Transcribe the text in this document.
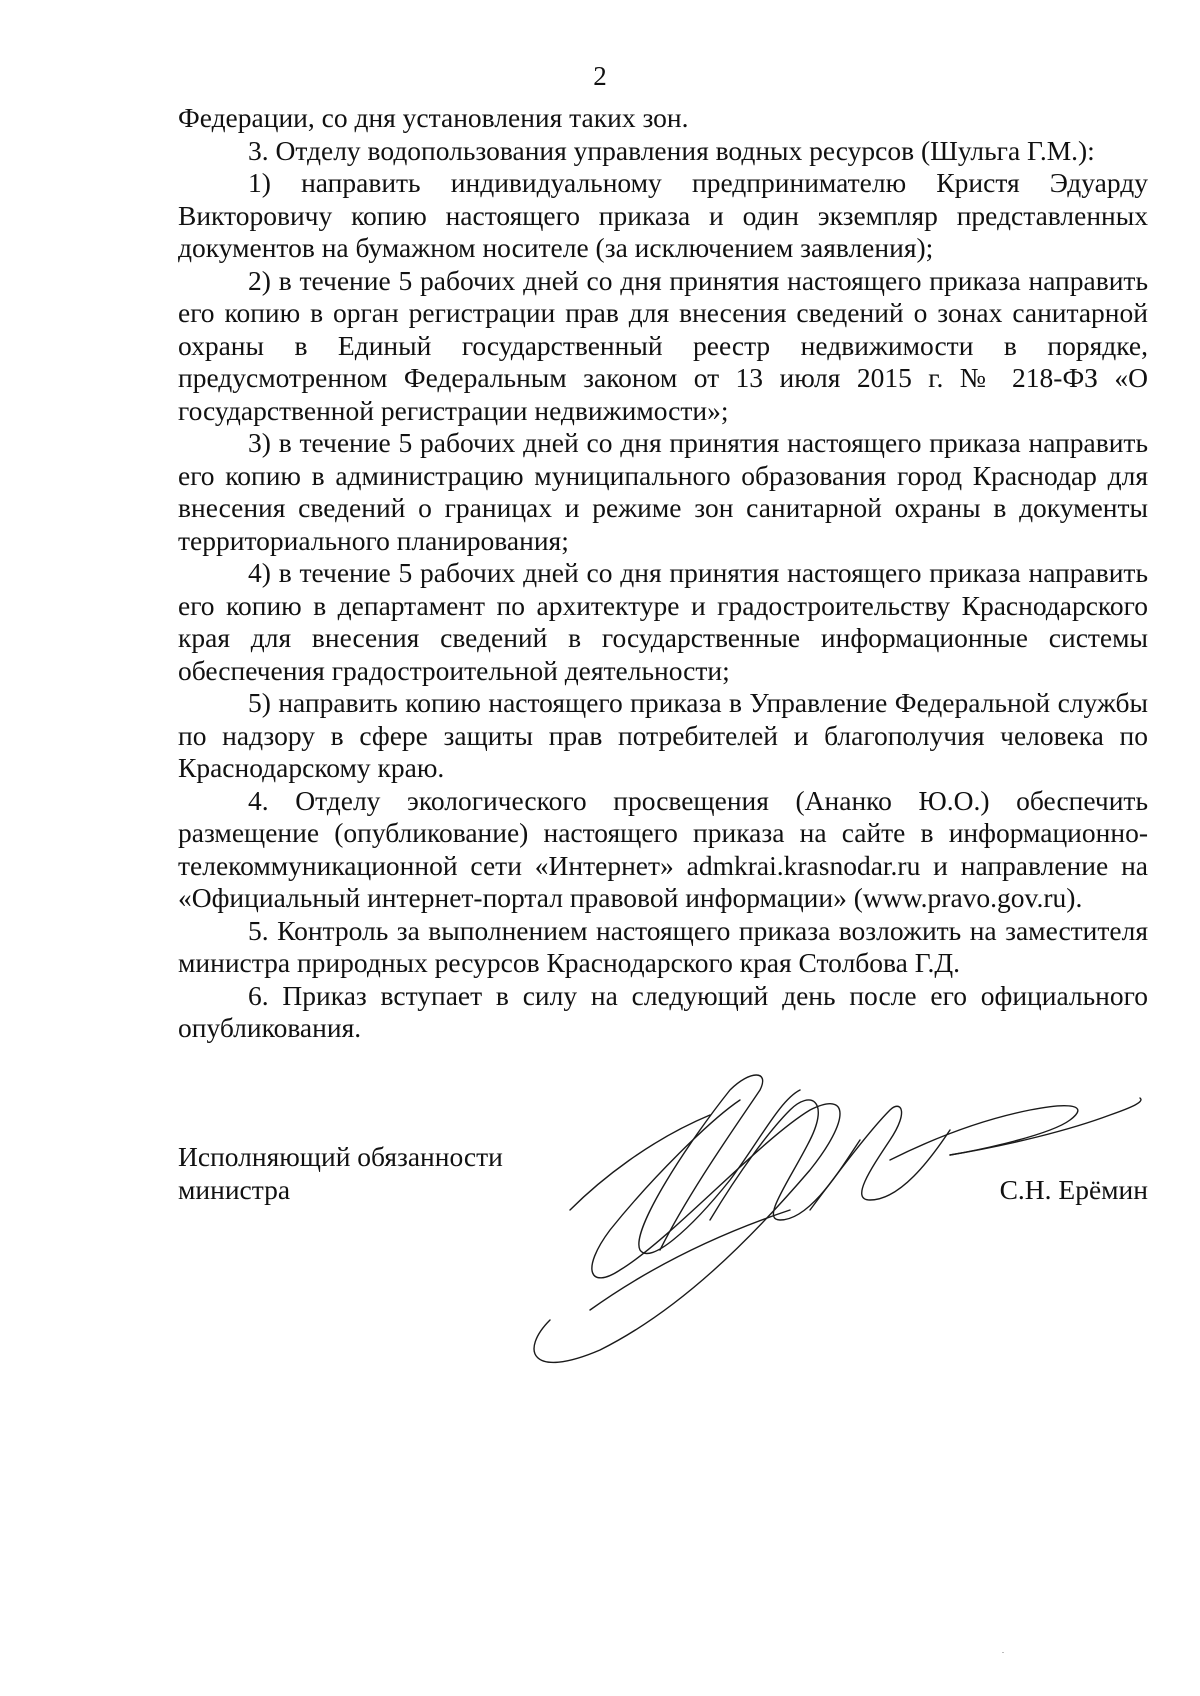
2

Федерации, со дня установления таких зон.

3. Отделу водопользования управления водных ресурсов (Шульга Г.М.):

1) направить индивидуальному предпринимателю Кристя Эдуарду Викторовичу копию настоящего приказа и один экземпляр представленных документов на бумажном носителе (за исключением заявления);

2) в течение 5 рабочих дней со дня принятия настоящего приказа направить его копию в орган регистрации прав для внесения сведений о зонах санитарной охраны в Единый государственный реестр недвижимости в порядке, предусмотренном Федеральным законом от 13 июля 2015 г. № 218-ФЗ «О государственной регистрации недвижимости»;

3) в течение 5 рабочих дней со дня принятия настоящего приказа направить его копию в администрацию муниципального образования город Краснодар для внесения сведений о границах и режиме зон санитарной охраны в документы территориального планирования;

4) в течение 5 рабочих дней со дня принятия настоящего приказа направить его копию в департамент по архитектуре и градостроительству Краснодарского края для внесения сведений в государственные информационные системы обеспечения градостроительной деятельности;

5) направить копию настоящего приказа в Управление Федеральной службы по надзору в сфере защиты прав потребителей и благополучия человека по Краснодарскому краю.

4. Отделу экологического просвещения (Ананко Ю.О.) обеспечить размещение (опубликование) настоящего приказа на сайте в информационно-телекоммуникационной сети «Интернет» admkrai.krasnodar.ru и направление на «Официальный интернет-портал правовой информации» (www.pravo.gov.ru).

5. Контроль за выполнением настоящего приказа возложить на заместителя министра природных ресурсов Краснодарского края Столбова Г.Д.

6. Приказ вступает в силу на следующий день после его официального опубликования.

Исполняющий обязанности
министра	С.Н. Ерёмин
